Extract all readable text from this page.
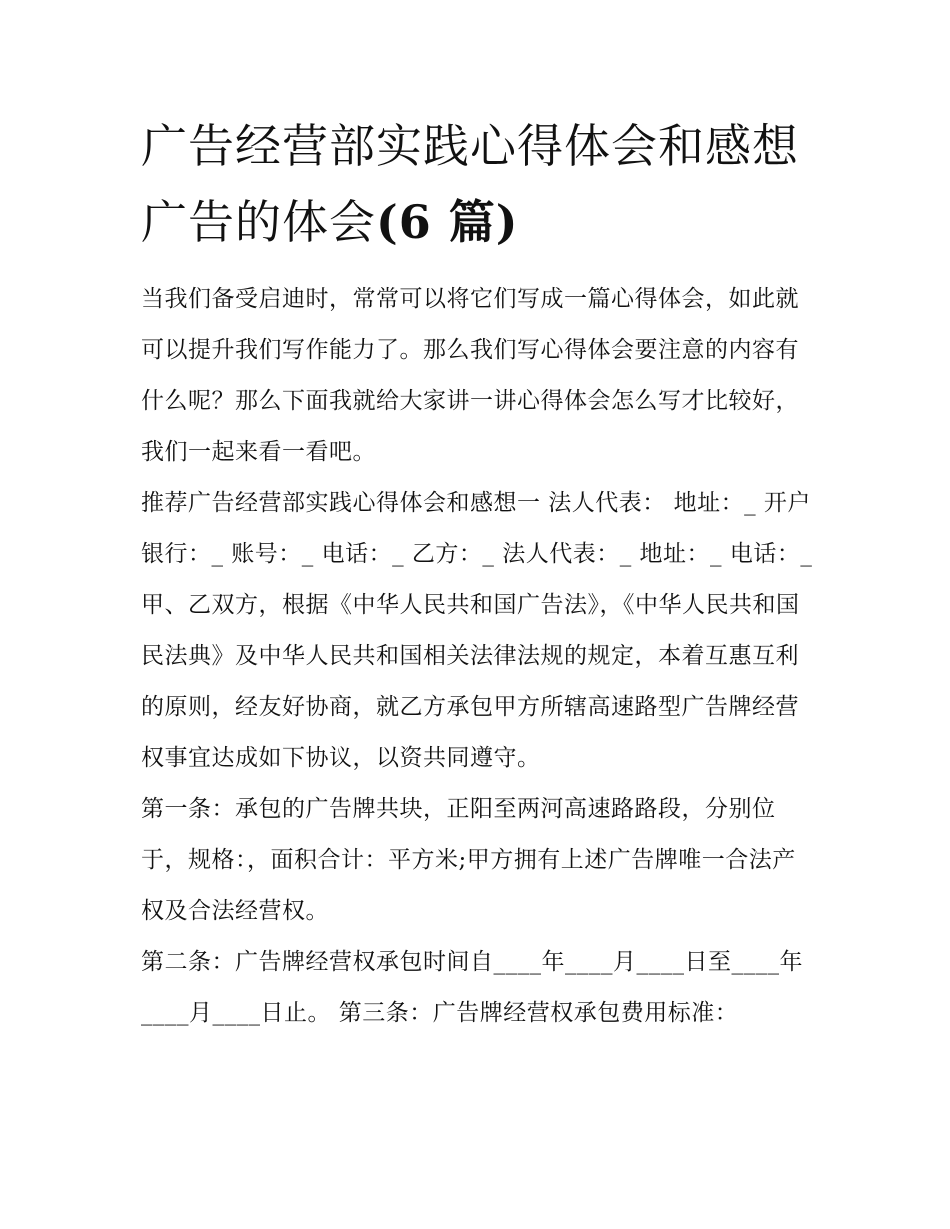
广告经营部实践心得体会和感想 广告的体会(6 篇)

当我们备受启迪时，常常可以将它们写成一篇心得体会，如此就可以提升我们写作能力了。那么我们写心得体会要注意的内容有什么呢？那么下面我就给大家讲一讲心得体会怎么写才比较好，我们一起来看一看吧。

推荐广告经营部实践心得体会和感想一 法人代表： 地址：_ 开户银行：_ 账号：_ 电话：_ 乙方：_ 法人代表：_ 地址：_ 电话：_

甲、乙双方，根据《中华人民共和国广告法》，《中华人民共和国民法典》及中华人民共和国相关法律法规的规定，本着互惠互利的原则，经友好协商，就乙方承包甲方所辖高速路型广告牌经营权事宜达成如下协议，以资共同遵守。

第一条：承包的广告牌共块，正阳至两河高速路路段，分别位于，规格：，面积合计：平方米;甲方拥有上述广告牌唯一合法产权及合法经营权。

第二条：广告牌经营权承包时间自____年____月____日至____年____月____日止。 第三条：广告牌经营权承包费用标准：
